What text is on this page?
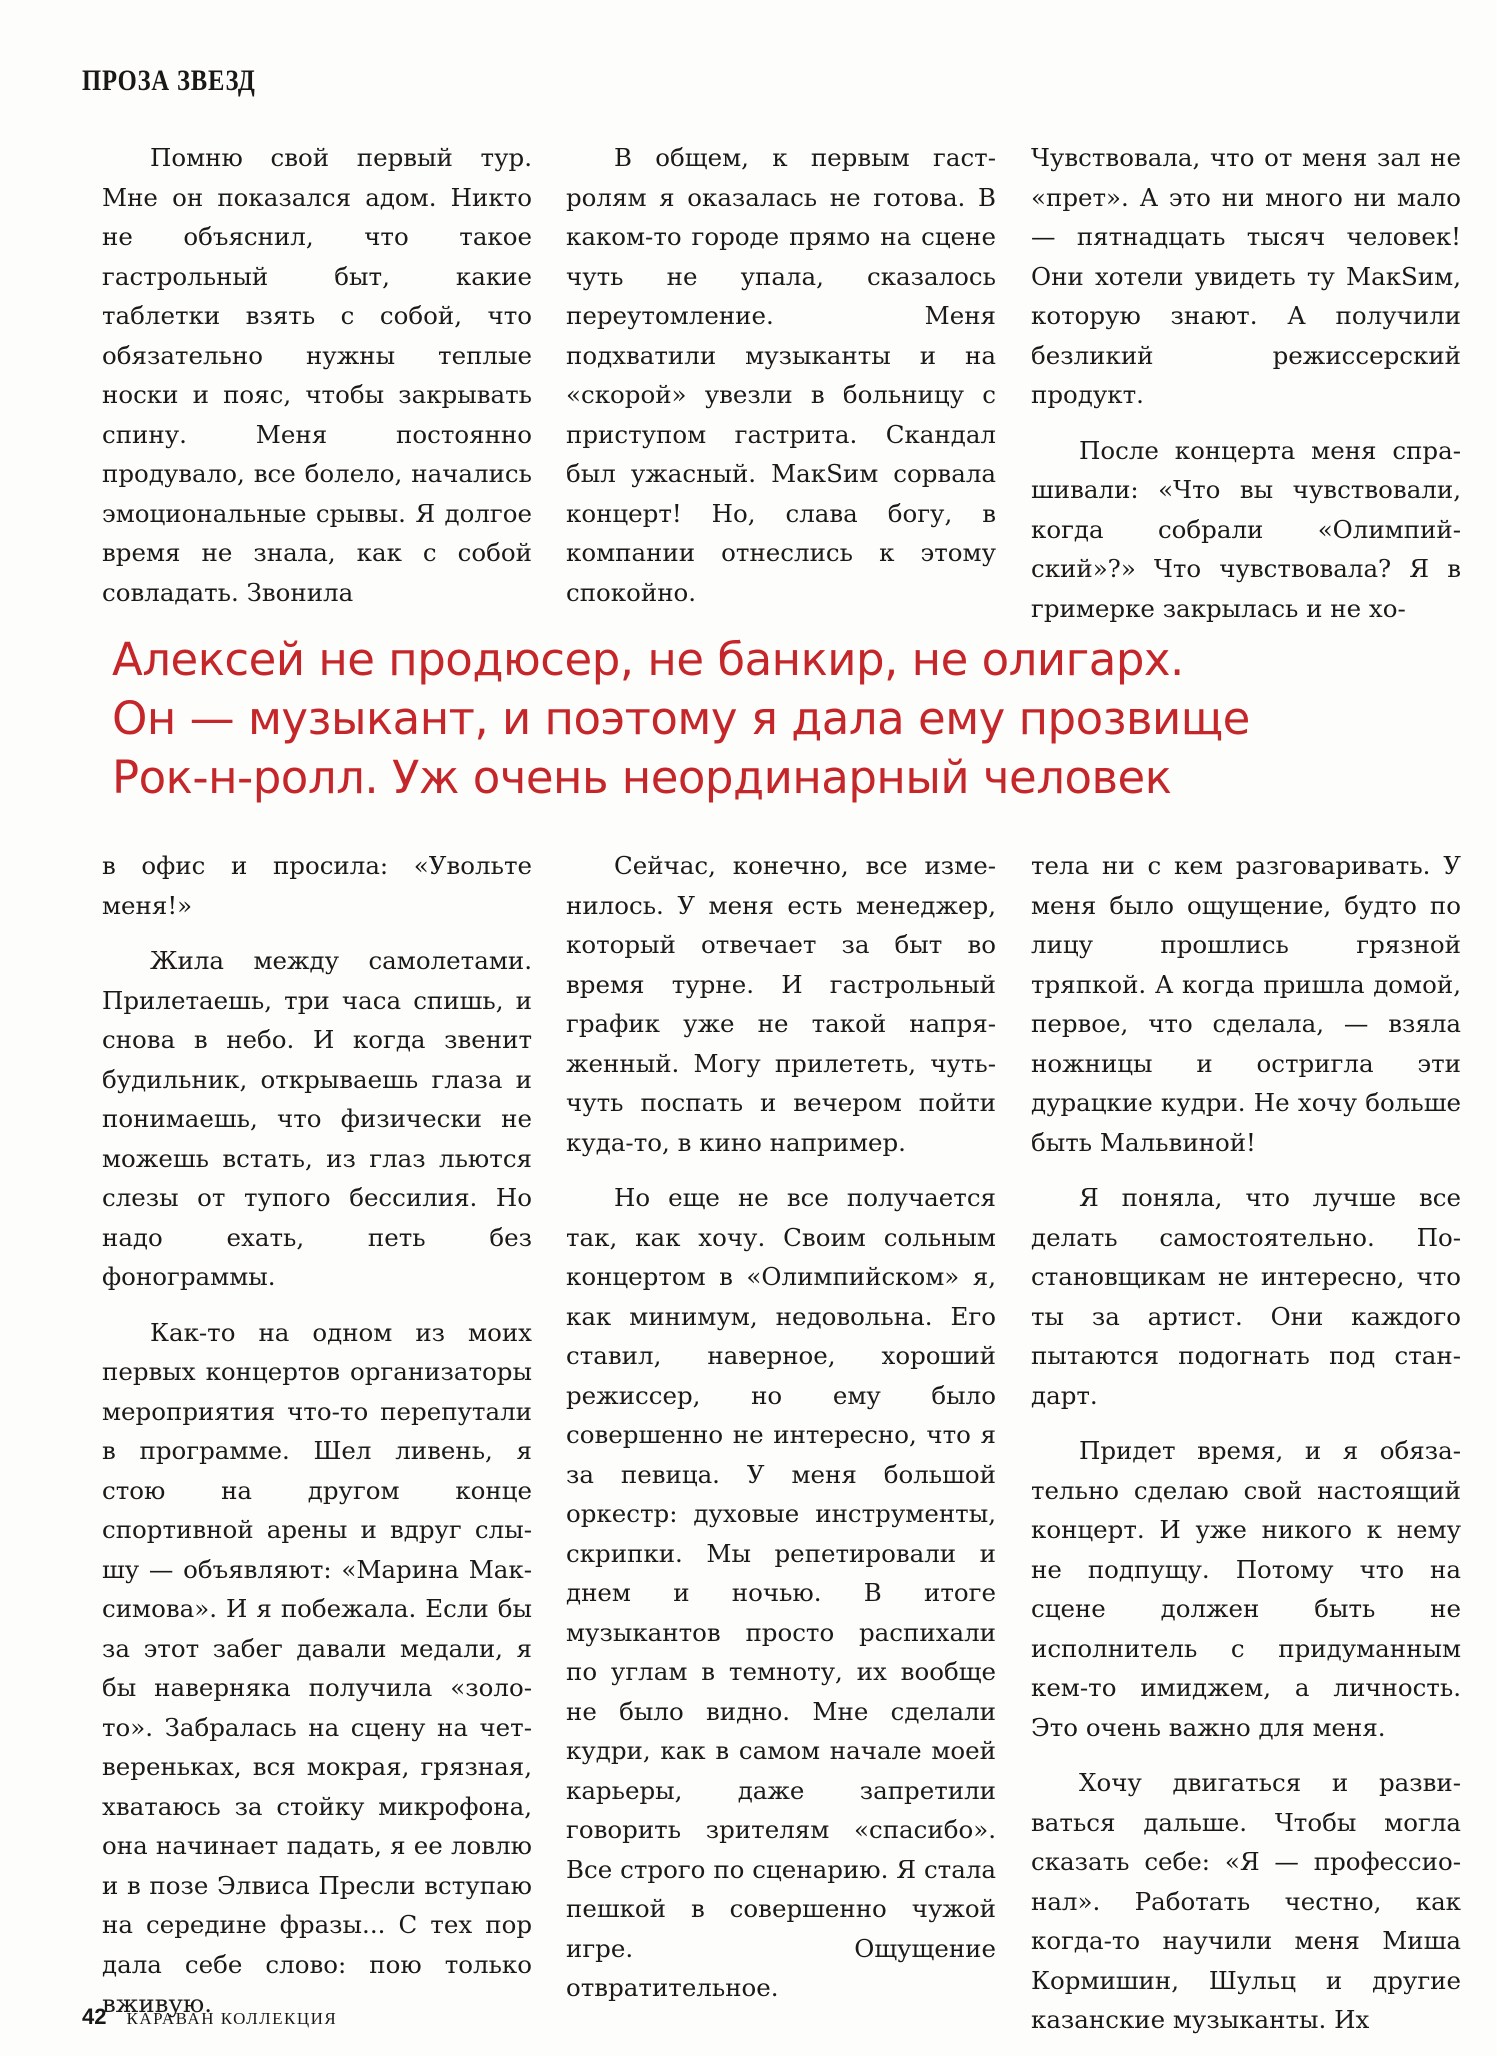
ПРОЗА ЗВЕЗД

Помню свой первый тур. Мне он показался адом. Никто не объяснил, что такое гастрольный быт, какие таблетки взять с собой, что обязательно нужны теплые носки и пояс, чтобы закрывать спину. Меня постоянно продувало, все болело, начались эмоциональные срывы. Я долгое время не знала, как с собой совладать. Звонила

В общем, к первым гастролям я оказалась не готова. В каком-то городе прямо на сцене чуть не упала, сказалось переутомление. Меня подхватили музыканты и на «скорой» увезли в больницу с приступом гастрита. Скандал был ужасный. МакSим сорвала концерт! Но, слава богу, в компании отнеслись к этому спокойно.

Чувствовала, что от меня зал не «прет». А это ни много ни мало — пятнадцать тысяч человек! Они хотели увидеть ту МакSим, которую знают. А получили безликий режиссерский продукт.

После концерта меня спрашивали: «Что вы чувствовали, когда собрали «Олимпийский»?» Что чувствовала? Я в гримерке закрылась и не хо-

Алексей не продюсер, не банкир, не олигарх.
Он — музыкант, и поэтому я дала ему прозвище
Рок-н-ролл. Уж очень неординарный человек

в офис и просила: «Увольте меня!»

Жила между самолетами. Прилетаешь, три часа спишь, и снова в небо. И когда звенит будильник, открываешь глаза и понимаешь, что физически не можешь встать, из глаз льются слезы от тупого бессилия. Но надо ехать, петь без фонограммы.

Как-то на одном из моих первых концертов организаторы мероприятия что-то перепутали в программе. Шел ливень, я стою на другом конце спортивной арены и вдруг слышу — объявляют: «Марина Максимова». И я побежала. Если бы за этот забег давали медали, я бы наверняка получила «золото». Забралась на сцену на четвереньках, вся мокрая, грязная, хватаюсь за стойку микрофона, она начинает падать, я ее ловлю и в позе Элвиса Пресли вступаю на середине фразы... С тех пор дала себе слово: пою только вживую.

Сейчас, конечно, все изменилось. У меня есть менеджер, который отвечает за быт во время турне. И гастрольный график уже не такой напряженный. Могу прилететь, чуть-чуть поспать и вечером пойти куда-то, в кино например.

Но еще не все получается так, как хочу. Своим сольным концертом в «Олимпийском» я, как минимум, недовольна. Его ставил, наверное, хороший режиссер, но ему было совершенно не интересно, что я за певица. У меня большой оркестр: духовые инструменты, скрипки. Мы репетировали и днем и ночью. В итоге музыкантов просто распихали по углам в темноту, их вообще не было видно. Мне сделали кудри, как в самом начале моей карьеры, даже запретили говорить зрителям «спасибо». Все строго по сценарию. Я стала пешкой в совершенно чужой игре. Ощущение отвратительное.

тела ни с кем разговаривать. У меня было ощущение, будто по лицу прошлись грязной тряпкой. А когда пришла домой, первое, что сделала, — взяла ножницы и остригла эти дурацкие кудри. Не хочу больше быть Мальвиной!

Я поняла, что лучше все делать самостоятельно. Постановщикам не интересно, что ты за артист. Они каждого пытаются подогнать под стандарт.

Придет время, и я обязательно сделаю свой настоящий концерт. И уже никого к нему не подпущу. Потому что на сцене должен быть не исполнитель с придуманным кем-то имиджем, а личность. Это очень важно для меня.

Хочу двигаться и развиваться дальше. Чтобы могла сказать себе: «Я — профессионал». Работать честно, как когда-то научили меня Миша Кормишин, Шульц и другие казанские музыканты. Их

42 КАРАВАН КОЛЛЕКЦИЯ
